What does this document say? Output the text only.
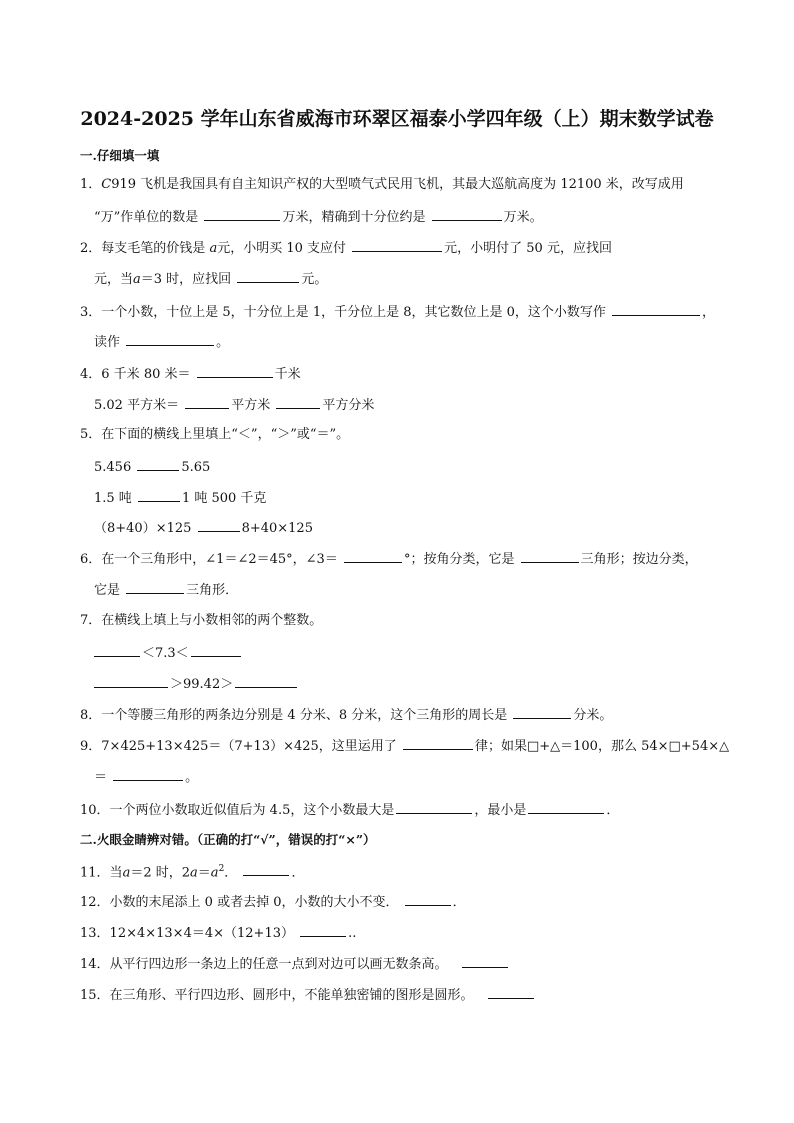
2024-2025 学年山东省威海市环翠区福泰小学四年级（上）期末数学试卷
一.仔细填一填
1．C919 飞机是我国具有自主知识产权的大型喷气式民用飞机，其最大巡航高度为 12100 米，改写成用
“万”作单位的数是	万米，精确到十分位约是	万米。
2．每支毛笔的价钱是 a元，小明买 10 支应付	元，小明付了 50 元，应找回
元，当a＝3 时，应找回	元。
3．一个小数，十位上是 5，十分位上是 1，千分位上是 8，其它数位上是 0，这个小数写作	，
读作	。
4．6 千米 80 米＝	千米
5.02 平方米＝	平方米	平方分米
5．在下面的横线上里填上“＜”，“＞”或“＝”。
5.456	5.65
1.5 吨	1 吨 500 千克
（8+40）×125	8+40×125
6．在一个三角形中，∠1＝∠2＝45°，∠3＝	°；按角分类，它是	三角形；按边分类，
它是	三角形．
7．在横线上填上与小数相邻的两个整数。
＜7.3＜
＞99.42＞
8．一个等腰三角形的两条边分别是 4 分米、8 分米，这个三角形的周长是	分米。
9．7×425+13×425＝（7+13）×425，这里运用了	律；如果□+△＝100，那么 54×□+54×△
＝	。
10．一个两位小数取近似值后为 4.5，这个小数最大是	，最小是	．
二.火眼金睛辨对错。（正确的打“√”，错误的打“×”）
11．当a＝2 时，$2a=a^2$．	．
12．小数的末尾添上 0 或者去掉 0，小数的大小不变．	．
13．12×4×13×4＝4×（12+13）	..
14．从平行四边形一条边上的任意一点到对边可以画无数条高。
15．在三角形、平行四边形、圆形中，不能单独密铺的图形是圆形。
